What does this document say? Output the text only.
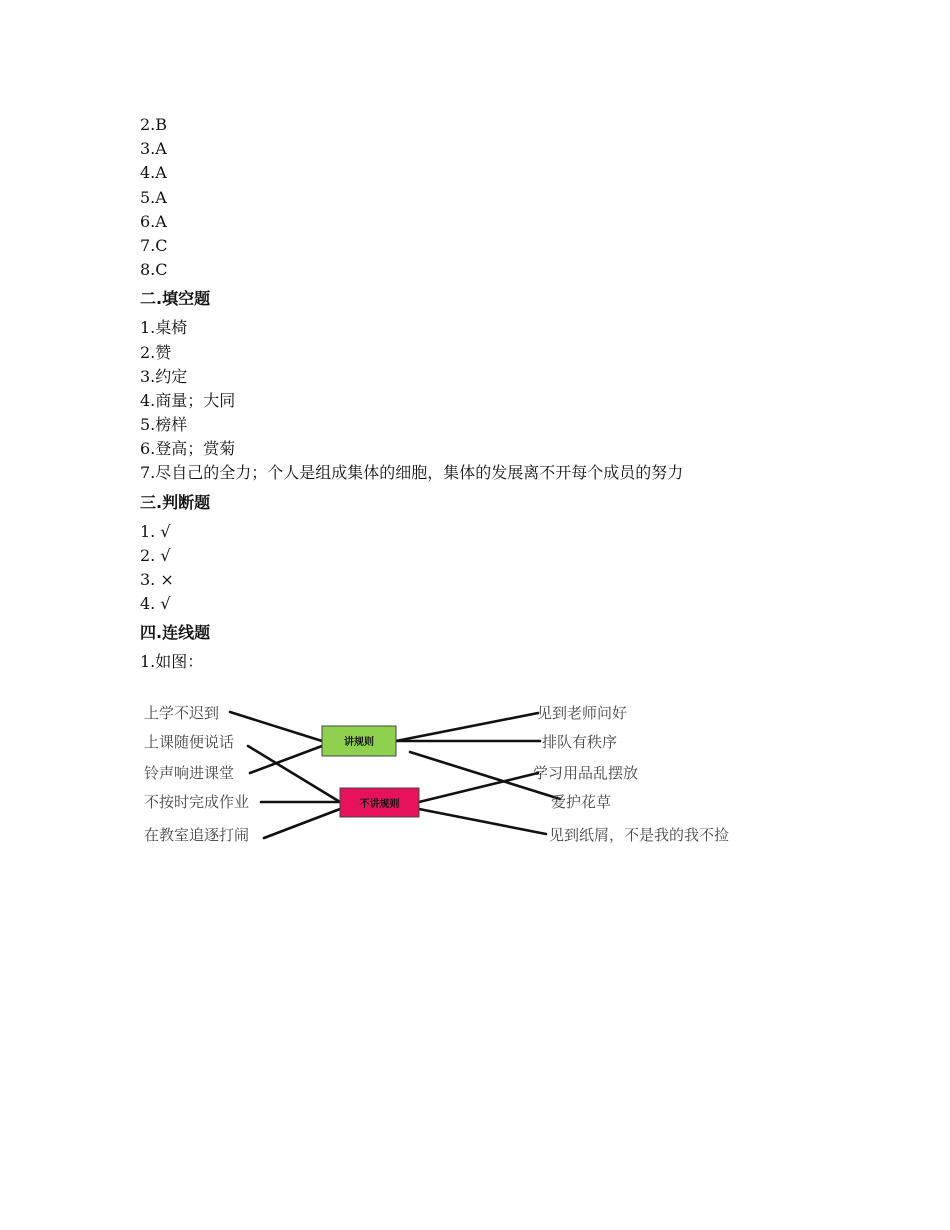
2.B
3.A
4.A
5.A
6.A
7.C
8.C
二.填空题
1.桌椅
2.赞
3.约定
4.商量；大同
5.榜样
6.登高；赏菊
7.尽自己的全力；个人是组成集体的细胞，集体的发展离不开每个成员的努力
三.判断题
1. √
2. √
3. ×
4. √
四.连线题
1.如图：
上学不迟到
上课随便说话
铃声响进课堂
不按时完成作业
在教室追逐打闹
见到老师问好
排队有秩序
学习用品乱摆放
爱护花草
见到纸屑，不是我的我不捡
讲规则
不讲规则
